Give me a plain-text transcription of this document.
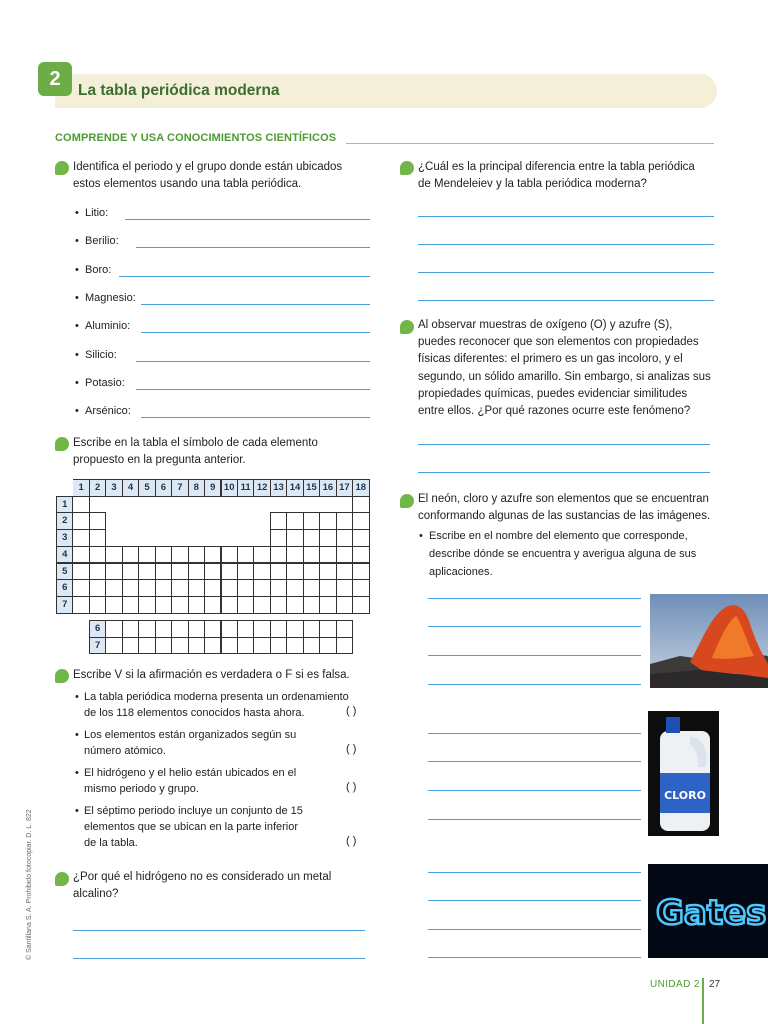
2
La tabla periódica moderna
COMPRENDE Y USA CONOCIMIENTOS CIENTÍFICOS
Identifica el periodo y el grupo donde están ubicados
estos elementos usando una tabla periódica.
• Litio:
• Berilio:
• Boro:
• Magnesio:
• Aluminio:
• Silicio:
• Potasio:
• Arsénico:
Escribe en la tabla el símbolo de cada elemento
propuesto en la pregunta anterior.
1	2	3	4	5	6	7	8	9 10 11 12 13 14 15 16 17 18
1
2
3
4
5
6
7
6
7
Escribe V si la afirmación es verdadera o F si es falsa.
• La tabla periódica moderna presenta un ordenamiento
de los 118 elementos conocidos hasta ahora.	( )
• Los elementos están organizados según su
número atómico.	( )
• El hidrógeno y el helio están ubicados en el
mismo periodo y grupo.	( )
• El séptimo periodo incluye un conjunto de 15
elementos que se ubican en la parte inferior
de la tabla.	( )
¿Por qué el hidrógeno no es considerado un metal
alcalino?
¿Cuál es la principal diferencia entre la tabla periódica
de Mendeleiev y la tabla periódica moderna?
Al observar muestras de oxígeno (O) y azufre (S),
puedes reconocer que son elementos con propiedades
físicas diferentes: el primero es un gas incoloro, y el
segundo, un sólido amarillo. Sin embargo, si analizas sus
propiedades químicas, puedes evidenciar similitudes
entre ellos. ¿Por qué razones ocurre este fenómeno?
El neón, cloro y azufre son elementos que se encuentran
conformando algunas de las sustancias de las imágenes.
• Escribe en el nombre del elemento que corresponde,
describe dónde se encuentra y averigua alguna de sus
aplicaciones.
CLORO
Gates
© Santillana S. A. Prohibido fotocopiar. D. L. 822
UNIDAD 2 27
